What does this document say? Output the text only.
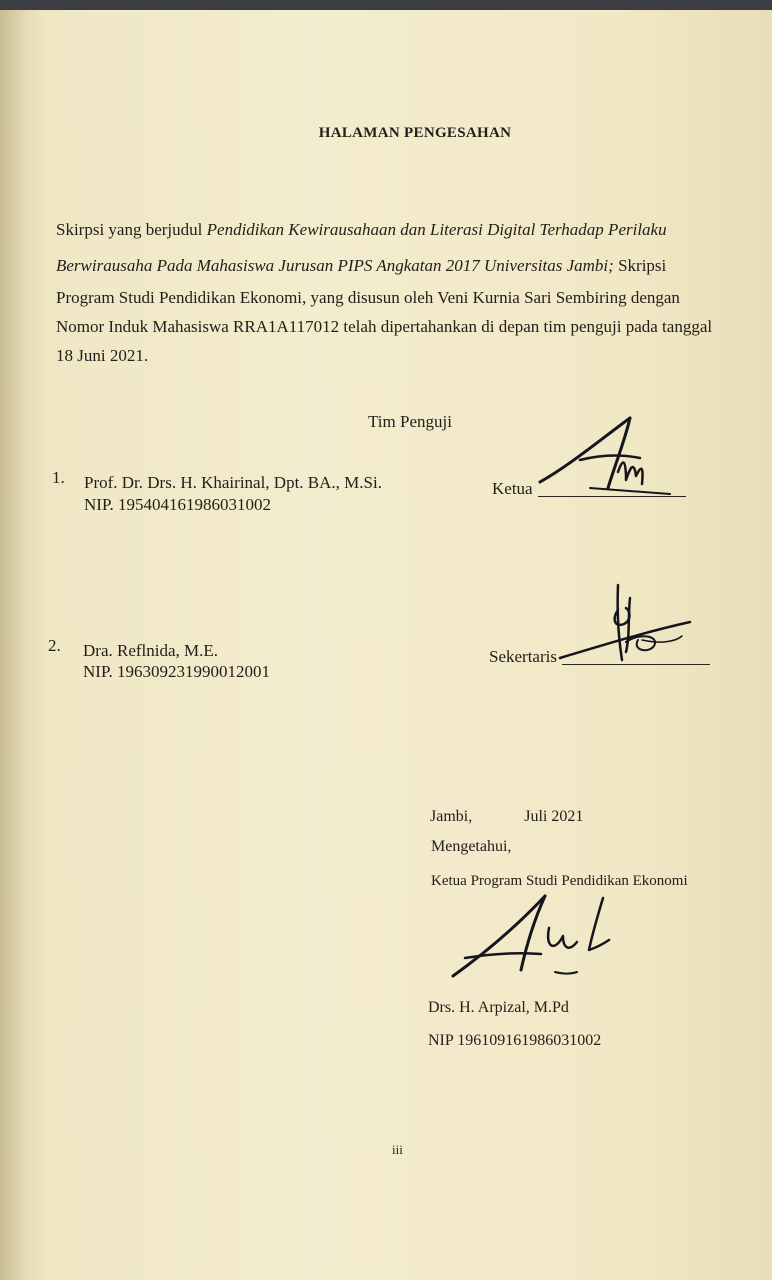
HALAMAN PENGESAHAN
Skirpsi yang berjudul Pendidikan Kewirausahaan dan Literasi Digital Terhadap Perilaku
Berwirausaha Pada Mahasiswa Jurusan PIPS Angkatan 2017 Universitas Jambi; Skripsi
Program Studi Pendidikan Ekonomi, yang disusun oleh Veni Kurnia Sari Sembiring dengan
Nomor Induk Mahasiswa RRA1A117012 telah dipertahankan di depan tim penguji pada tanggal
18 Juni 2021.
Tim Penguji
1. Prof. Dr. Drs. H. Khairinal, Dpt. BA., M.Si.
NIP. 195404161986031002
Ketua
2. Dra. Reflnida, M.E.
NIP. 196309231990012001
Sekertaris
Jambi,             Juli 2021
Mengetahui,
Ketua Program Studi Pendidikan Ekonomi
Drs. H. Arpizal, M.Pd
NIP 196109161986031002
iii
